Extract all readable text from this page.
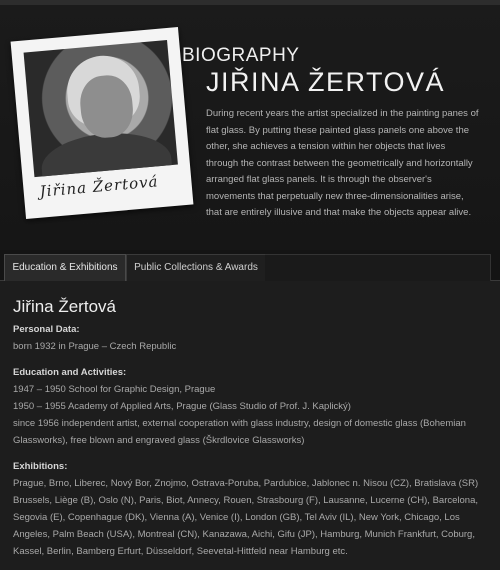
Jiřina Žertová
BIOGRAPHY
JIŘINA ŽERTOVÁ
During recent years the artist specialized in the painting panes of flat glass. By putting these painted glass panels one above the other, she achieves a tension within her objects that lives through the contrast between the geometrically and horizontally arranged flat glass panels. It is through the observer's movements that perpetually new three-dimensionalities arise, that are entirely illusive and that make the objects appear alive.
Education & Exhibitions	Public Collections & Awards
Jiřina Žertová
Personal Data:
born 1932 in Prague – Czech Republic
Education and Activities:
1947 – 1950 School for Graphic Design, Prague
1950 – 1955 Academy of Applied Arts, Prague (Glass Studio of Prof. J. Kaplický)
since 1956 independent artist, external cooperation with glass industry, design of domestic glass (Bohemian Glassworks), free blown and engraved glass (Škrdlovice Glassworks)
Exhibitions:
Prague, Brno, Liberec, Nový Bor, Znojmo, Ostrava-Poruba, Pardubice, Jablonec n. Nisou (CZ), Bratislava (SR) Brussels, Liège (B), Oslo (N), Paris, Biot, Annecy, Rouen, Strasbourg (F), Lausanne, Lucerne (CH), Barcelona, Segovia (E), Copenhague (DK), Vienna (A), Venice (I), London (GB), Tel Aviv (IL), New York, Chicago, Los Angeles, Palm Beach (USA), Montreal (CN), Kanazawa, Aichi, Gifu (JP), Hamburg, Munich Frankfurt, Coburg, Kassel, Berlin, Bamberg Erfurt, Düsseldorf, Seevetal-Hittfeld near Hamburg etc.
